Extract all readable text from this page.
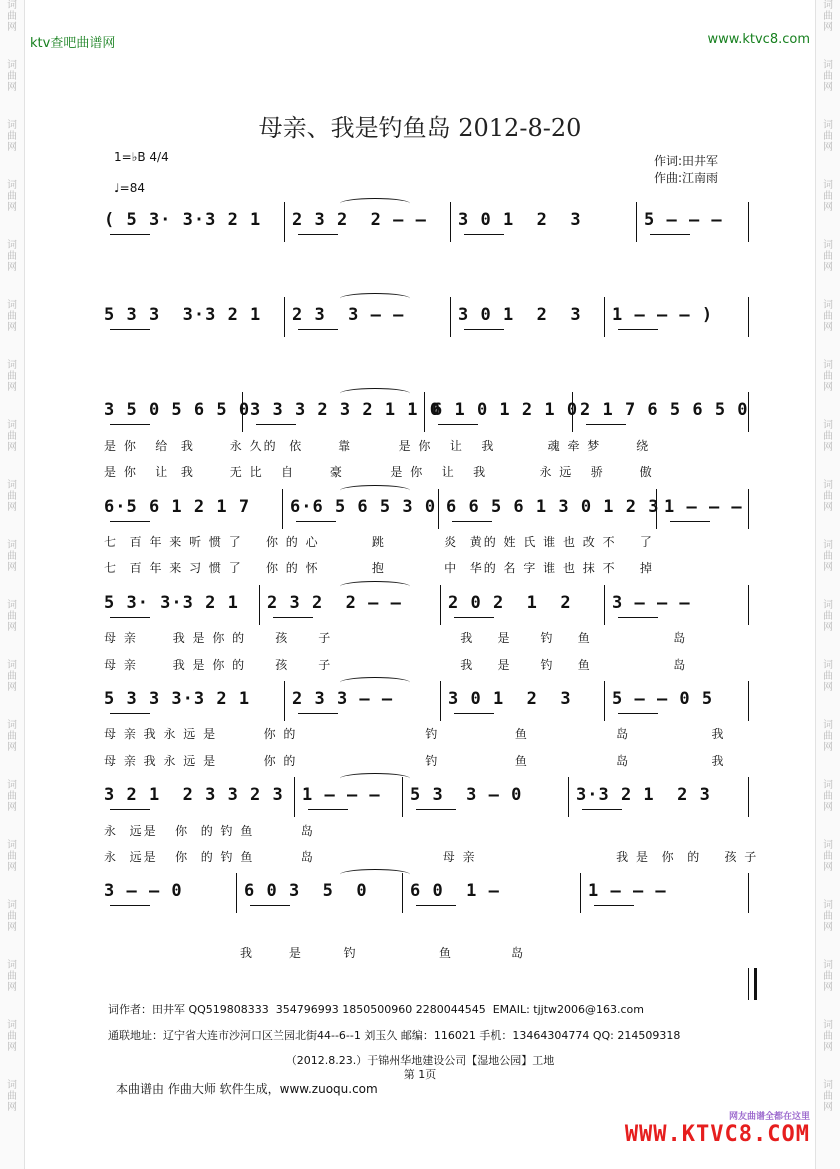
词
曲
网
词
曲
网
词
曲
网
词
曲
网
词
曲
网
词
曲
网
词
曲
网
词
曲
网
词
曲
网
词
曲
网
词
曲
网
词
曲
网
词
曲
网
词
曲
网
词
曲
网
词
曲
网
词
曲
网
词
曲
网
词
曲
网
词
曲
网
词
曲
网
词
曲
网
词
曲
网
词
曲
网
词
曲
网
词
曲
网
词
曲
网
词
曲
网
词
曲
网
词
曲
网
词
曲
网
词
曲
网
词
曲
网
词
曲
网
词
曲
网
词
曲
网
词
曲
网
词
曲
网
ktv查吧曲谱网	www.ktvc8.com
母亲、我是钓鱼岛 2012-8-20
1=♭B 4/4
♩=84
作词:田井军
作曲:江南雨
( 5 3· 3·3 2 1 2 3 2  2 – – 3 0 1  2  3	5 – – –
5 3 3  3·3 2 1 2 3  3 – –	3 0 1  2  3 1 – – – )
3 5 0 5 6 5 0 3 3 3 2 3 2 1 1 0
6 1 0 1 2 1 0 2 1 7 6 5 6 5 0
6·5 6 1 2 1 7 6·6 5 6 5 3 0 6 6 5 6 1 3 0 1 2 3 1 – – –
5 3· 3·3 2 1 2 3 2  2 – –	2 0 2  1  2 3 – – –
5 3 3 3·3 2 1 2 3 3 – –	3 0 1  2  3 5 – – 0 5
3 2 1  2 3 3 2 3 1 – – – 5 3  3 – 0	3·3 2 1  2 3
3 – – 0	6 0 3  5  0 6 0  1 –	1 – – –
是 你   给  我      永 久的  依      靠        是 你   让   我         魂 牵 梦      绕
是 你   让  我      无 比   自      豪        是 你   让   我         永 远   骄      傲
七  百 年 来 听 惯 了    你 的 心         跳          炎  黄的 姓 氏 谁 也 改 不    了
七  百 年 来 习 惯 了    你 的 怀         抱          中  华的 名 字 谁 也 抹 不    掉
母 亲      我 是 你 的     孩     子                      我    是     钓    鱼              岛
母 亲      我 是 你 的     孩     子                      我    是     钓    鱼              岛
母 亲 我 永 远 是        你 的                      钓             鱼               岛              我
母 亲 我 永 远 是        你 的                      钓             鱼               岛              我
永  远是   你  的 钓 鱼        岛
永  远是   你  的 钓 鱼        岛                      母 亲                        我 是  你  的    孩 子
我      是       钓              鱼          岛
词作者：田井军 QQ519808333  354796993 1850500960 2280044545  EMAIL: tjjtw2006@163.com
通联地址：辽宁省大连市沙河口区兰园北街44--6--1 刘玉久 邮编：116021 手机：13464304774 QQ: 214509318
（2012.8.23.）于锦州华地建设公司【湿地公园】工地
第 1页
本曲谱由 作曲大师 软件生成，www.zuoqu.com
网友曲谱全都在这里
WWW.KTVC8.COM
